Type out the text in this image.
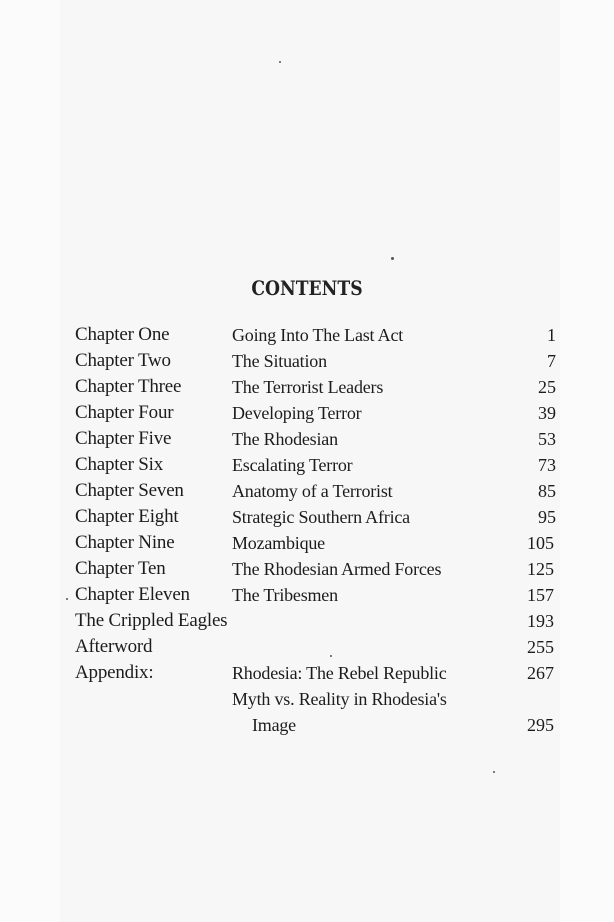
CONTENTS
Chapter One	Going Into The Last Act	1
Chapter Two	The Situation	7
Chapter Three	The Terrorist Leaders	25
Chapter Four	Developing Terror	39
Chapter Five	The Rhodesian	53
Chapter Six	Escalating Terror	73
Chapter Seven	Anatomy of a Terrorist	85
Chapter Eight	Strategic Southern Africa	95
Chapter Nine	Mozambique	105
Chapter Ten	The Rhodesian Armed Forces	125
Chapter Eleven The Tribesmen	157
The Crippled Eagles	193
Afterword	255
Appendix:	Rhodesia: The Rebel Republic	267
Myth vs. Reality in Rhodesia's
Image	295
